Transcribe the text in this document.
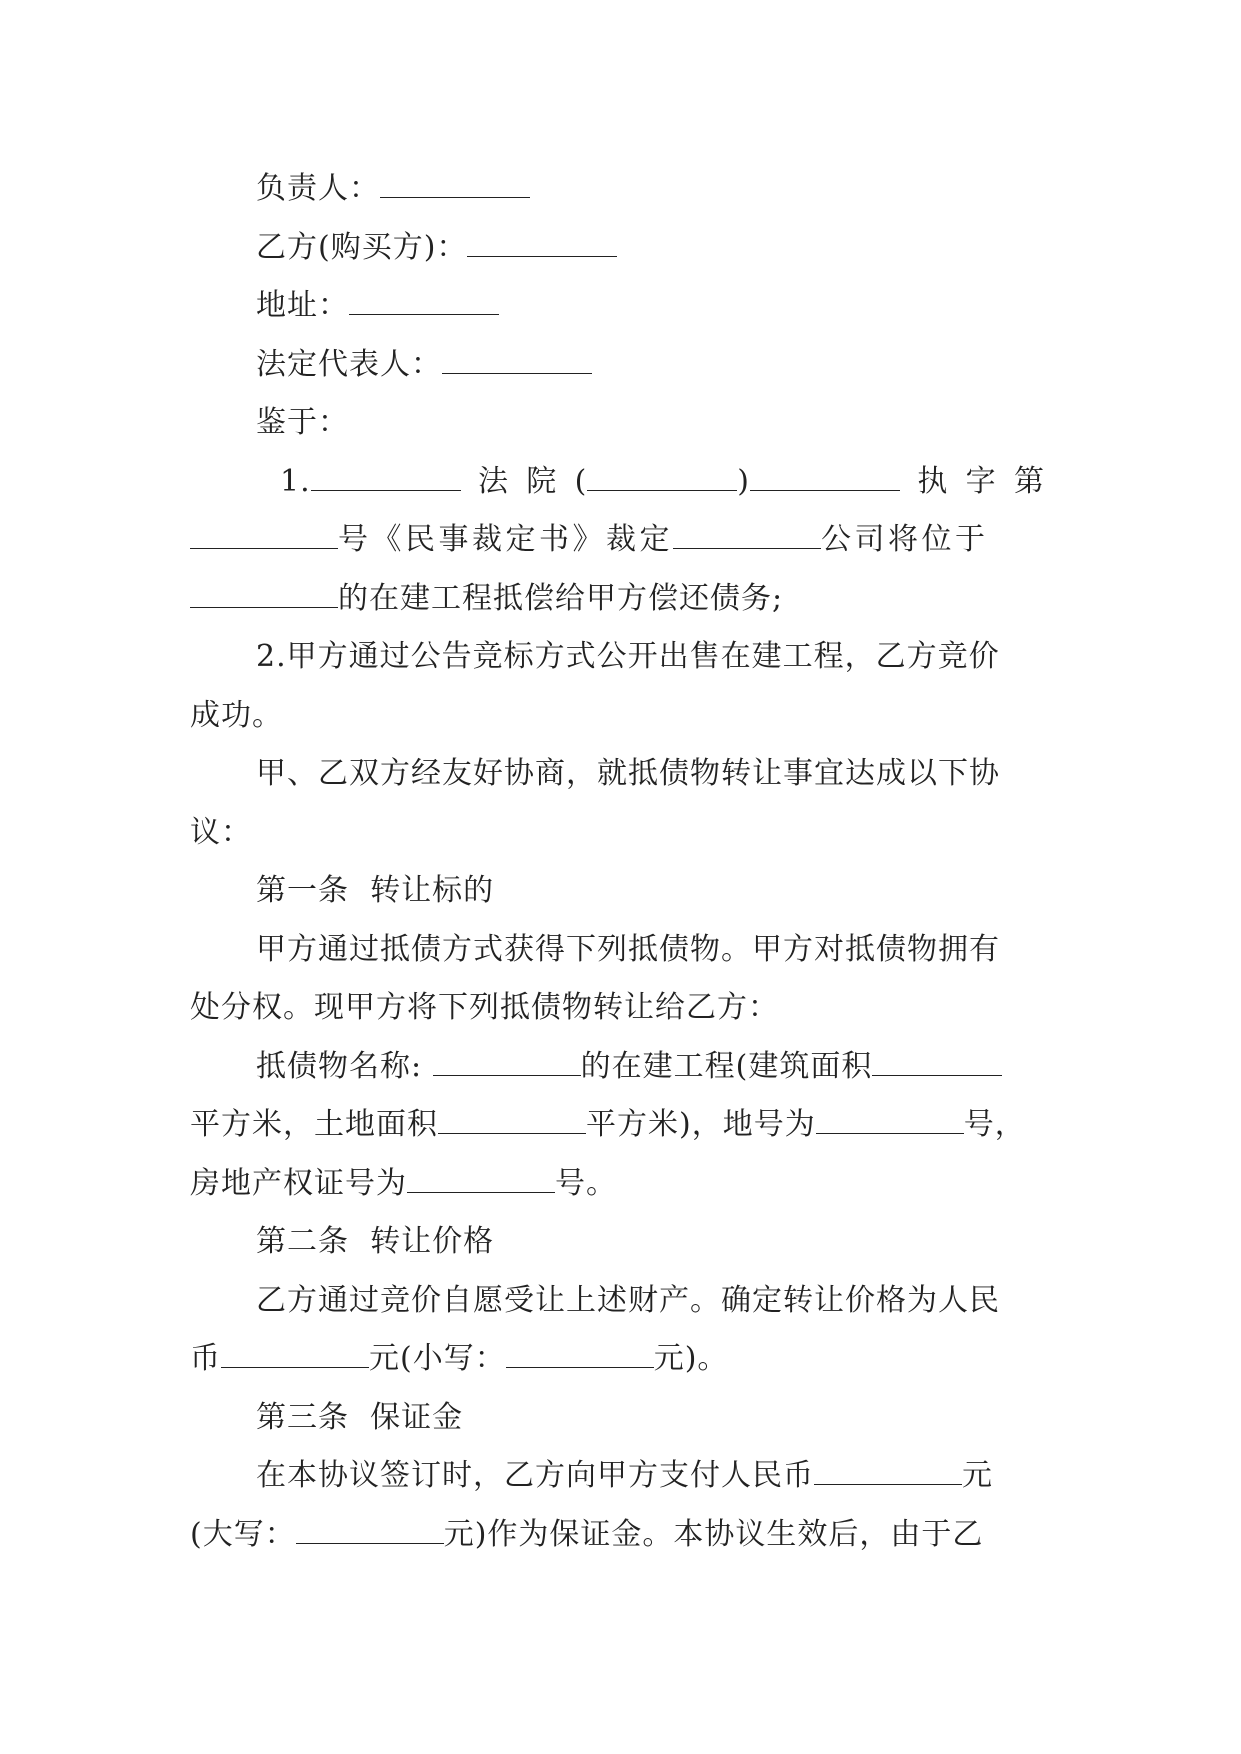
负责人：
乙方(购买方)：
地址：
法定代表人：
鉴于：
1.	法 院 (	)	执 字 第
号《民事裁定书》裁定	公司将位于
的在建工程抵偿给甲方偿还债务;
2.甲方通过公告竞标方式公开出售在建工程，乙方竞价
成功。
甲、乙双方经友好协商，就抵债物转让事宜达成以下协
议：
第一条  转让标的
甲方通过抵债方式获得下列抵债物。甲方对抵债物拥有
处分权。现甲方将下列抵债物转让给乙方：
抵债物名称:	的在建工程(建筑面积
平方米，土地面积	平方米)，地号为	号，
房地产权证号为	号。
第二条  转让价格
乙方通过竞价自愿受让上述财产。确定转让价格为人民
币	元(小写：	元)。
第三条  保证金
在本协议签订时，乙方向甲方支付人民币	元
(大写：	元)作为保证金。本协议生效后，由于乙
